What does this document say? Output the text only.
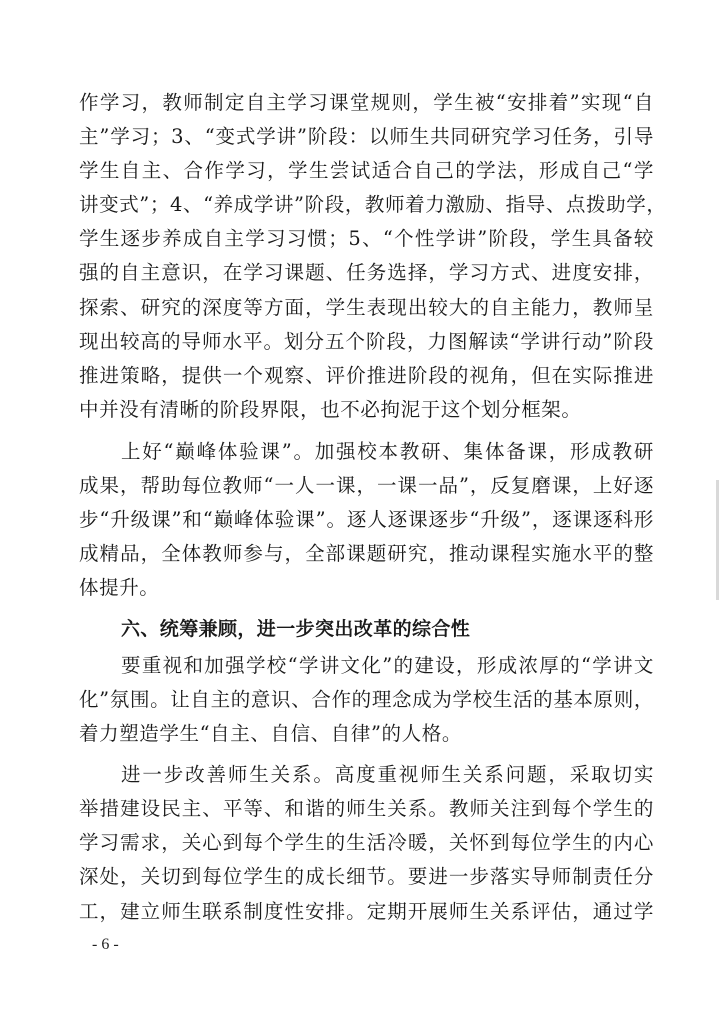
作学习，教师制定自主学习课堂规则，学生被“安排着”实现“自
主”学习；3、“变式学讲”阶段：以师生共同研究学习任务，引导
学生自主、合作学习，学生尝试适合自己的学法，形成自己“学
讲变式”；4、“养成学讲”阶段，教师着力激励、指导、点拨助学，
学生逐步养成自主学习习惯；5、“个性学讲”阶段，学生具备较
强的自主意识，在学习课题、任务选择，学习方式、进度安排，
探索、研究的深度等方面，学生表现出较大的自主能力，教师呈
现出较高的导师水平。划分五个阶段，力图解读“学讲行动”阶段
推进策略，提供一个观察、评价推进阶段的视角，但在实际推进
中并没有清晰的阶段界限，也不必拘泥于这个划分框架。
上好“巅峰体验课”。加强校本教研、集体备课，形成教研
成果，帮助每位教师“一人一课，一课一品”，反复磨课，上好逐
步“升级课”和“巅峰体验课”。逐人逐课逐步“升级”，逐课逐科形
成精品，全体教师参与，全部课题研究，推动课程实施水平的整
体提升。
六、统筹兼顾，进一步突出改革的综合性
要重视和加强学校“学讲文化”的建设，形成浓厚的“学讲文
化”氛围。让自主的意识、合作的理念成为学校生活的基本原则，
着力塑造学生“自主、自信、自律”的人格。
进一步改善师生关系。高度重视师生关系问题，采取切实
举措建设民主、平等、和谐的师生关系。教师关注到每个学生的
学习需求，关心到每个学生的生活冷暖，关怀到每位学生的内心
深处，关切到每位学生的成长细节。要进一步落实导师制责任分
工，建立师生联系制度性安排。定期开展师生关系评估，通过学
- 6 -
